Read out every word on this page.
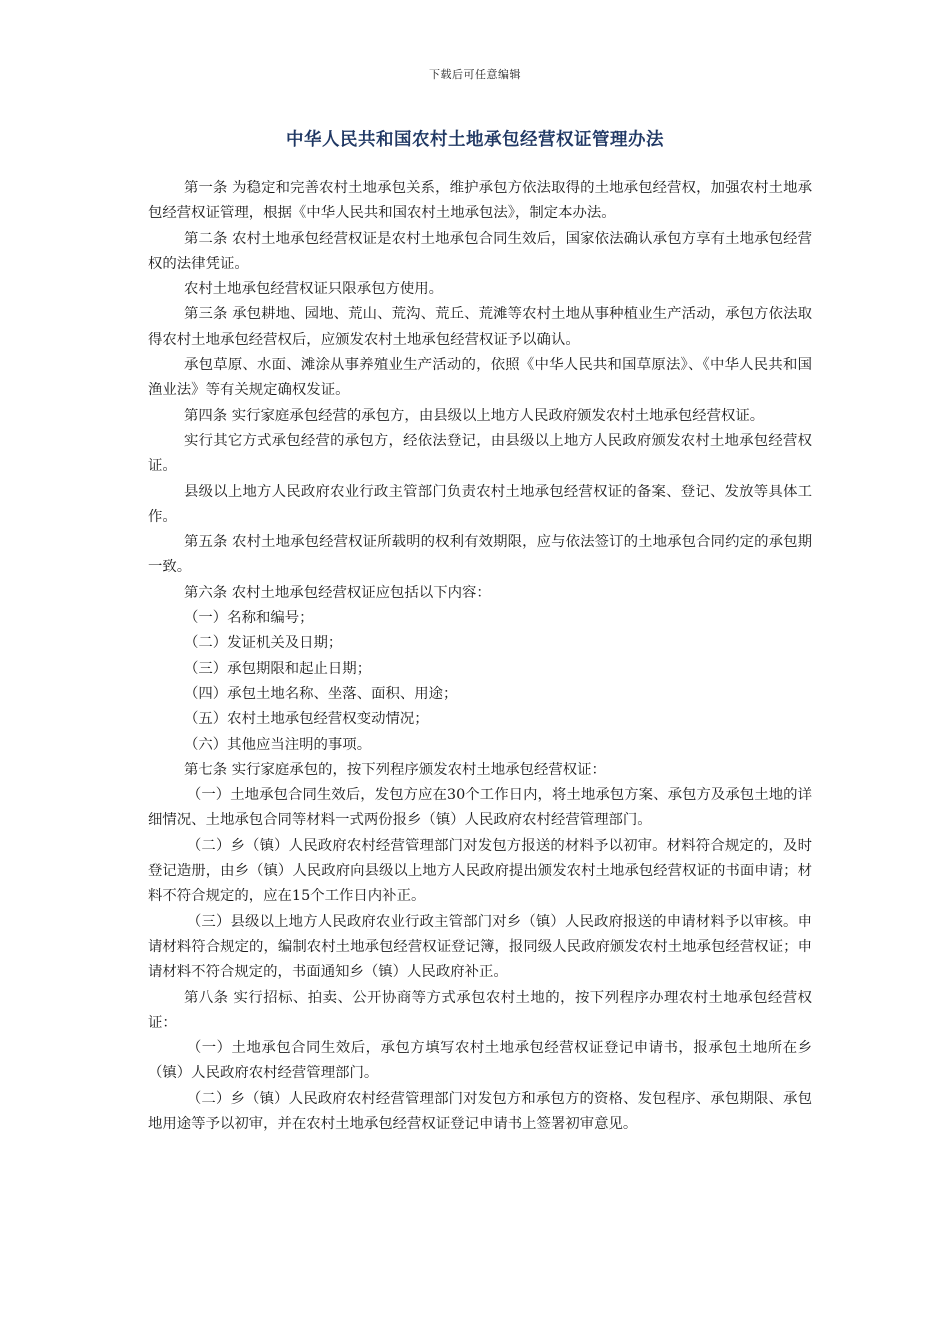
下载后可任意编辑
中华人民共和国农村土地承包经营权证管理办法

第一条 为稳定和完善农村土地承包关系，维护承包方依法取得的土地承包经营权，加强农村土地承包经营权证管理，根据《中华人民共和国农村土地承包法》，制定本办法。

第二条 农村土地承包经营权证是农村土地承包合同生效后，国家依法确认承包方享有土地承包经营权的法律凭证。

农村土地承包经营权证只限承包方使用。

第三条 承包耕地、园地、荒山、荒沟、荒丘、荒滩等农村土地从事种植业生产活动，承包方依法取得农村土地承包经营权后，应颁发农村土地承包经营权证予以确认。

承包草原、水面、滩涂从事养殖业生产活动的，依照《中华人民共和国草原法》、《中华人民共和国渔业法》等有关规定确权发证。

第四条 实行家庭承包经营的承包方，由县级以上地方人民政府颁发农村土地承包经营权证。

实行其它方式承包经营的承包方，经依法登记，由县级以上地方人民政府颁发农村土地承包经营权证。

县级以上地方人民政府农业行政主管部门负责农村土地承包经营权证的备案、登记、发放等具体工作。

第五条 农村土地承包经营权证所载明的权利有效期限，应与依法签订的土地承包合同约定的承包期一致。

第六条 农村土地承包经营权证应包括以下内容：

（一）名称和编号；

（二）发证机关及日期；

（三）承包期限和起止日期；

（四）承包土地名称、坐落、面积、用途；

（五）农村土地承包经营权变动情况；

（六）其他应当注明的事项。

第七条 实行家庭承包的，按下列程序颁发农村土地承包经营权证：

（一）土地承包合同生效后，发包方应在30个工作日内，将土地承包方案、承包方及承包土地的详细情况、土地承包合同等材料一式两份报乡（镇）人民政府农村经营管理部门。

（二）乡（镇）人民政府农村经营管理部门对发包方报送的材料予以初审。材料符合规定的，及时登记造册，由乡（镇）人民政府向县级以上地方人民政府提出颁发农村土地承包经营权证的书面申请；材料不符合规定的，应在15个工作日内补正。

（三）县级以上地方人民政府农业行政主管部门对乡（镇）人民政府报送的申请材料予以审核。申请材料符合规定的，编制农村土地承包经营权证登记簿，报同级人民政府颁发农村土地承包经营权证；申请材料不符合规定的，书面通知乡（镇）人民政府补正。

第八条 实行招标、拍卖、公开协商等方式承包农村土地的，按下列程序办理农村土地承包经营权证：

（一）土地承包合同生效后，承包方填写农村土地承包经营权证登记申请书，报承包土地所在乡（镇）人民政府农村经营管理部门。

（二）乡（镇）人民政府农村经营管理部门对发包方和承包方的资格、发包程序、承包期限、承包地用途等予以初审，并在农村土地承包经营权证登记申请书上签署初审意见。
